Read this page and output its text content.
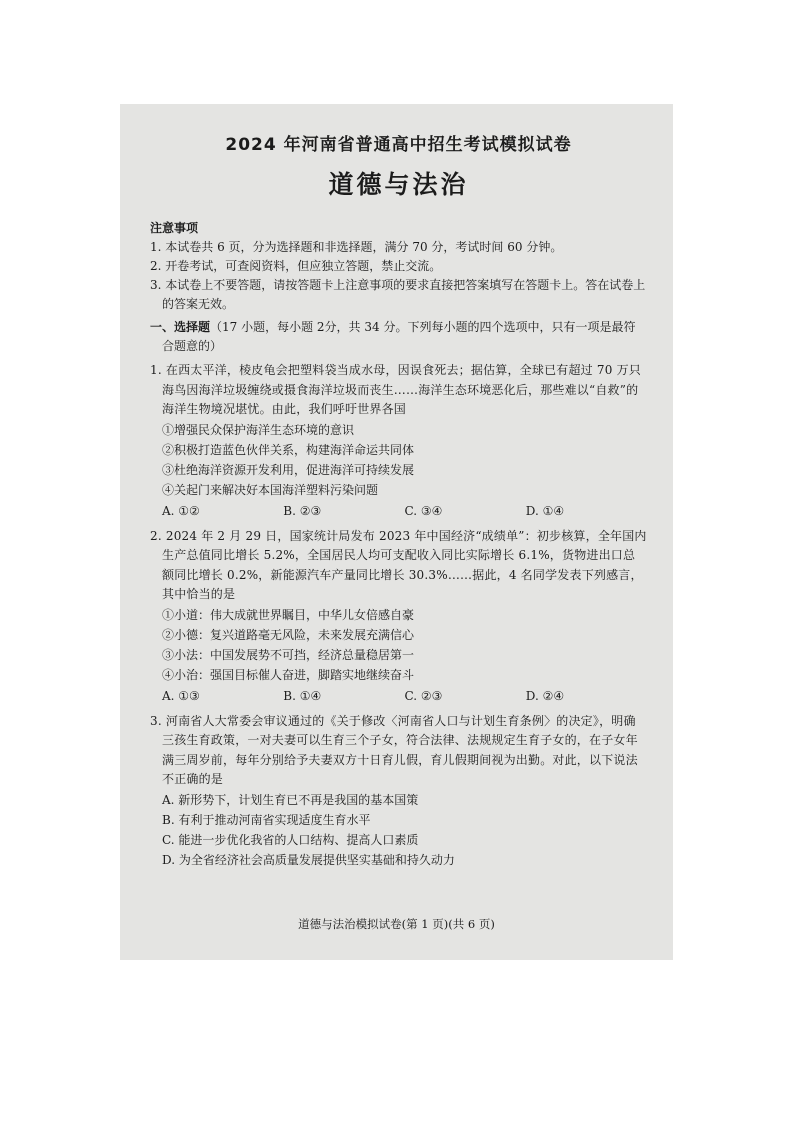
2024 年河南省普通高中招生考试模拟试卷
道德与法治

注意事项

1. 本试卷共 6 页，分为选择题和非选择题，满分 70 分，考试时间 60 分钟。

2. 开卷考试，可查阅资料，但应独立答题，禁止交流。

3. 本试卷上不要答题，请按答题卡上注意事项的要求直接把答案填写在答题卡上。答在试卷上的答案无效。

一、选择题（17 小题，每小题 2分，共 34 分。下列每小题的四个选项中，只有一项是最符合题意的）

1. 在西太平洋，棱皮龟会把塑料袋当成水母，因误食死去；据估算，全球已有超过 70 万只海鸟因海洋垃圾缠绕或摄食海洋垃圾而丧生……海洋生态环境恶化后，那些难以“自救”的海洋生物境况堪忧。由此，我们呼吁世界各国

①增强民众保护海洋生态环境的意识

②积极打造蓝色伙伴关系，构建海洋命运共同体

③杜绝海洋资源开发利用，促进海洋可持续发展

④关起门来解决好本国海洋塑料污染问题

A. ①②	B. ②③	C. ③④	D. ①④

2. 2024 年 2 月 29 日，国家统计局发布 2023 年中国经济“成绩单”：初步核算，全年国内生产总值同比增长 5.2%，全国居民人均可支配收入同比实际增长 6.1%，货物进出口总额同比增长 0.2%，新能源汽车产量同比增长 30.3%……据此，4 名同学发表下列感言，其中恰当的是

①小道：伟大成就世界瞩目，中华儿女倍感自豪

②小德：复兴道路毫无风险，未来发展充满信心

③小法：中国发展势不可挡，经济总量稳居第一

④小治：强国目标催人奋进，脚踏实地继续奋斗

A. ①③	B. ①④	C. ②③	D. ②④

3. 河南省人大常委会审议通过的《关于修改〈河南省人口与计划生育条例〉的决定》，明确三孩生育政策，一对夫妻可以生育三个子女，符合法律、法规规定生育子女的，在子女年满三周岁前，每年分别给予夫妻双方十日育儿假，育儿假期间视为出勤。对此，以下说法不正确的是

A. 新形势下，计划生育已不再是我国的基本国策

B. 有利于推动河南省实现适度生育水平

C. 能进一步优化我省的人口结构、提高人口素质

D. 为全省经济社会高质量发展提供坚实基础和持久动力

道德与法治模拟试卷(第 1 页)(共 6 页)
